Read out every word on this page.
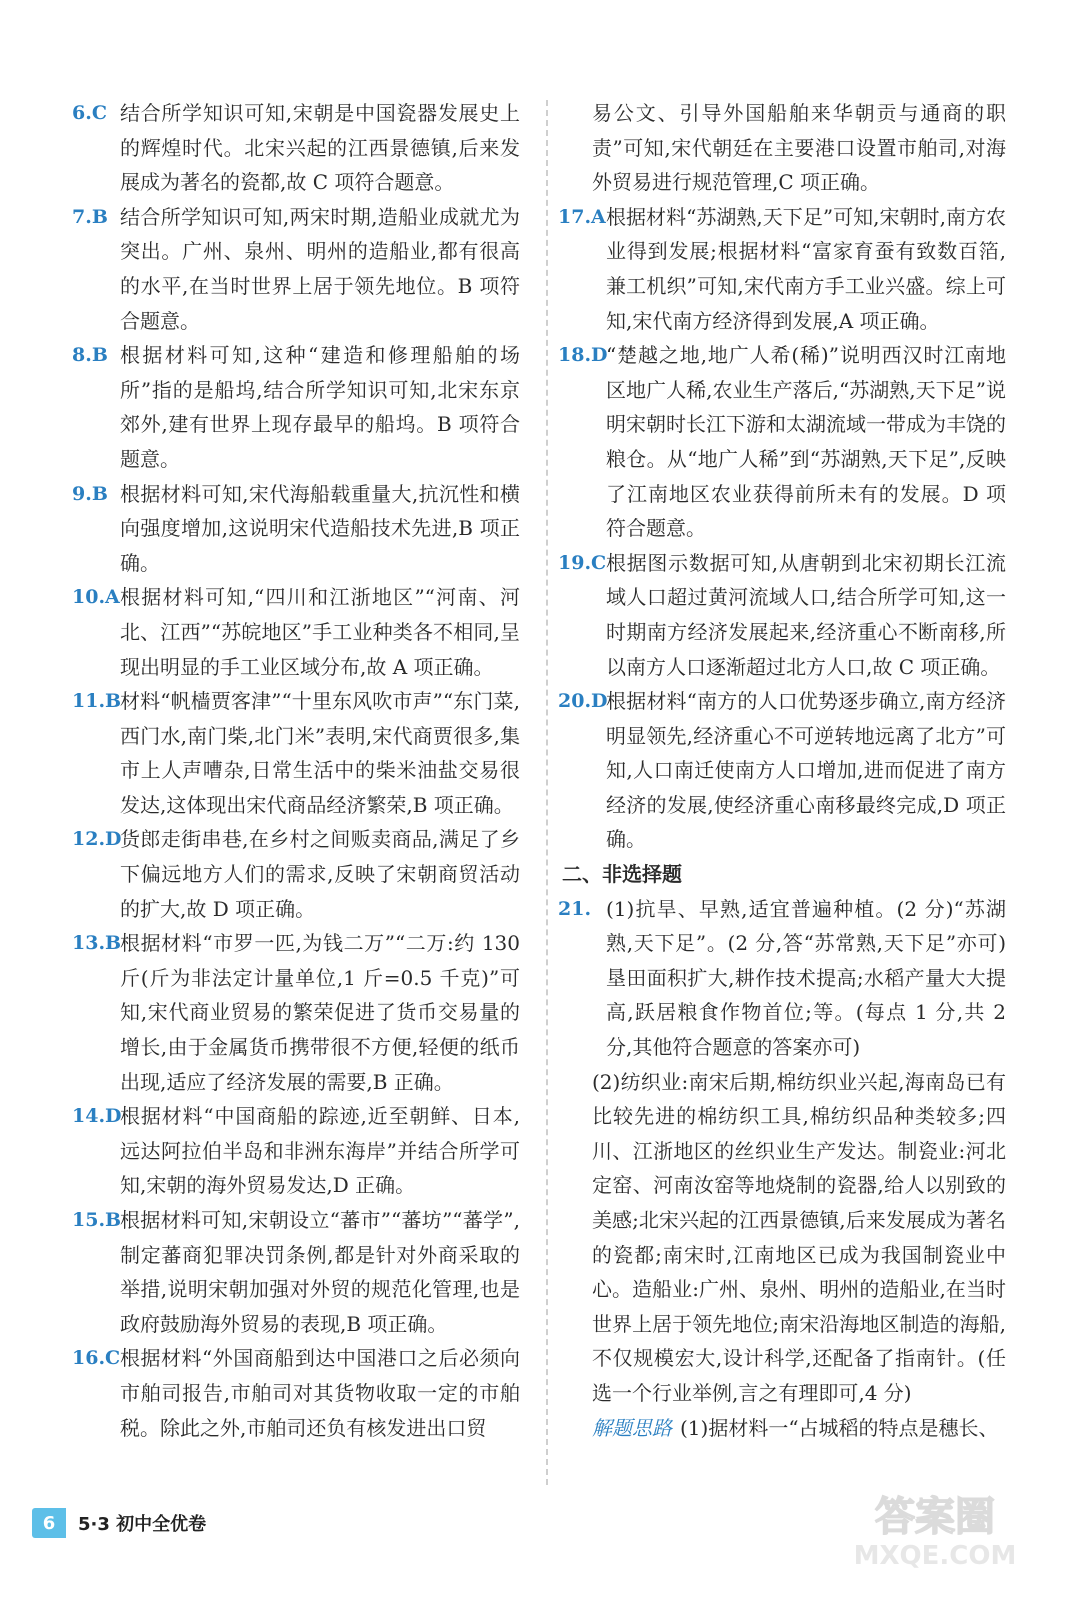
6.C 结合所学知识可知,宋朝是中国瓷器发展史上的辉煌时代。北宋兴起的江西景德镇,后来发展成为著名的瓷都,故 C 项符合题意。
7.B 结合所学知识可知,两宋时期,造船业成就尤为突出。广州、泉州、明州的造船业,都有很高的水平,在当时世界上居于领先地位。B 项符合题意。
8.B 根据材料可知,这种“建造和修理船舶的场所”指的是船坞,结合所学知识可知,北宋东京郊外,建有世界上现存最早的船坞。B 项符合题意。
9.B 根据材料可知,宋代海船载重量大,抗沉性和横向强度增加,这说明宋代造船技术先进,B 项正确。
10.A 根据材料可知,“四川和江浙地区”“河南、河北、江西”“苏皖地区”手工业种类各不相同,呈现出明显的手工业区域分布,故 A 项正确。
11.B
材料“帆樯贾客津”“十里东风吹市声”“东门菜,西门水,南门柴,北门米”表明,宋代商贾很多,集市上人声嘈杂,日常生活中的柴米油盐交易很发达,这体现出宋代商品经济繁荣,B 项正确。
12.D
货郎走街串巷,在乡村之间贩卖商品,满足了乡下偏远地方人们的需求,反映了宋朝商贸活动的扩大,故 D 项正确。
13.B
根据材料“市罗一匹,为钱二万”“二万:约 130 斤(斤为非法定计量单位,1 斤=0.5 千克)”可知,宋代商业贸易的繁荣促进了货币交易量的增长,由于金属货币携带很不方便,轻便的纸币出现,适应了经济发展的需要,B 正确。
14.D
根据材料“中国商船的踪迹,近至朝鲜、日本,远达阿拉伯半岛和非洲东海岸”并结合所学可知,宋朝的海外贸易发达,D 正确。
15.B
根据材料可知,宋朝设立“蕃市”“蕃坊”“蕃学”,制定蕃商犯罪决罚条例,都是针对外商采取的举措,说明宋朝加强对外贸的规范化管理,也是政府鼓励海外贸易的表现,B 项正确。
16.C 根据材料“外国商船到达中国港口之后必须向市舶司报告,市舶司对其货物收取一定的市舶税。除此之外,市舶司还负有核发进出口贸
易公文、引导外国船舶来华朝贡与通商的职责”可知,宋代朝廷在主要港口设置市舶司,对海外贸易进行规范管理,C 项正确。
17.A 根据材料“苏湖熟,天下足”可知,宋朝时,南方农业得到发展;根据材料“富家育蚕有致数百箔,兼工机织”可知,宋代南方手工业兴盛。综上可知,宋代南方经济得到发展,A 项正确。
18.D
“楚越之地,地广人希(稀)”说明西汉时江南地区地广人稀,农业生产落后,“苏湖熟,天下足”说明宋朝时长江下游和太湖流域一带成为丰饶的粮仓。从“地广人稀”到“苏湖熟,天下足”,反映了江南地区农业获得前所未有的发展。D 项符合题意。
19.C 根据图示数据可知,从唐朝到北宋初期长江流域人口超过黄河流域人口,结合所学可知,这一时期南方经济发展起来,经济重心不断南移,所以南方人口逐渐超过北方人口,故 C 项正确。
20.D
根据材料“南方的人口优势逐步确立,南方经济明显领先,经济重心不可逆转地远离了北方”可知,人口南迁使南方人口增加,进而促进了南方经济的发展,使经济重心南移最终完成,D 项正确。
二、非选择题
21. (1)抗旱、早熟,适宜普遍种植。(2 分)“苏湖熟,天下足”。(2 分,答“苏常熟,天下足”亦可)垦田面积扩大,耕作技术提高;水稻产量大大提高,跃居粮食作物首位;等。(每点 1 分,共 2 分,其他符合题意的答案亦可)
(2)纺织业:南宋后期,棉纺织业兴起,海南岛已有比较先进的棉纺织工具,棉纺织品种类较多;四川、江浙地区的丝织业生产发达。制瓷业:河北定窑、河南汝窑等地烧制的瓷器,给人以别致的美感;北宋兴起的江西景德镇,后来发展成为著名的瓷都;南宋时,江南地区已成为我国制瓷业中心。造船业:广州、泉州、明州的造船业,在当时世界上居于领先地位;南宋沿海地区制造的海船,不仅规模宏大,设计科学,还配备了指南针。(任选一个行业举例,言之有理即可,4 分)
解题思路 (1)据材料一“占城稻的特点是穗长、
6	5·3 初中全优卷	答案圈
MXQE.COM
